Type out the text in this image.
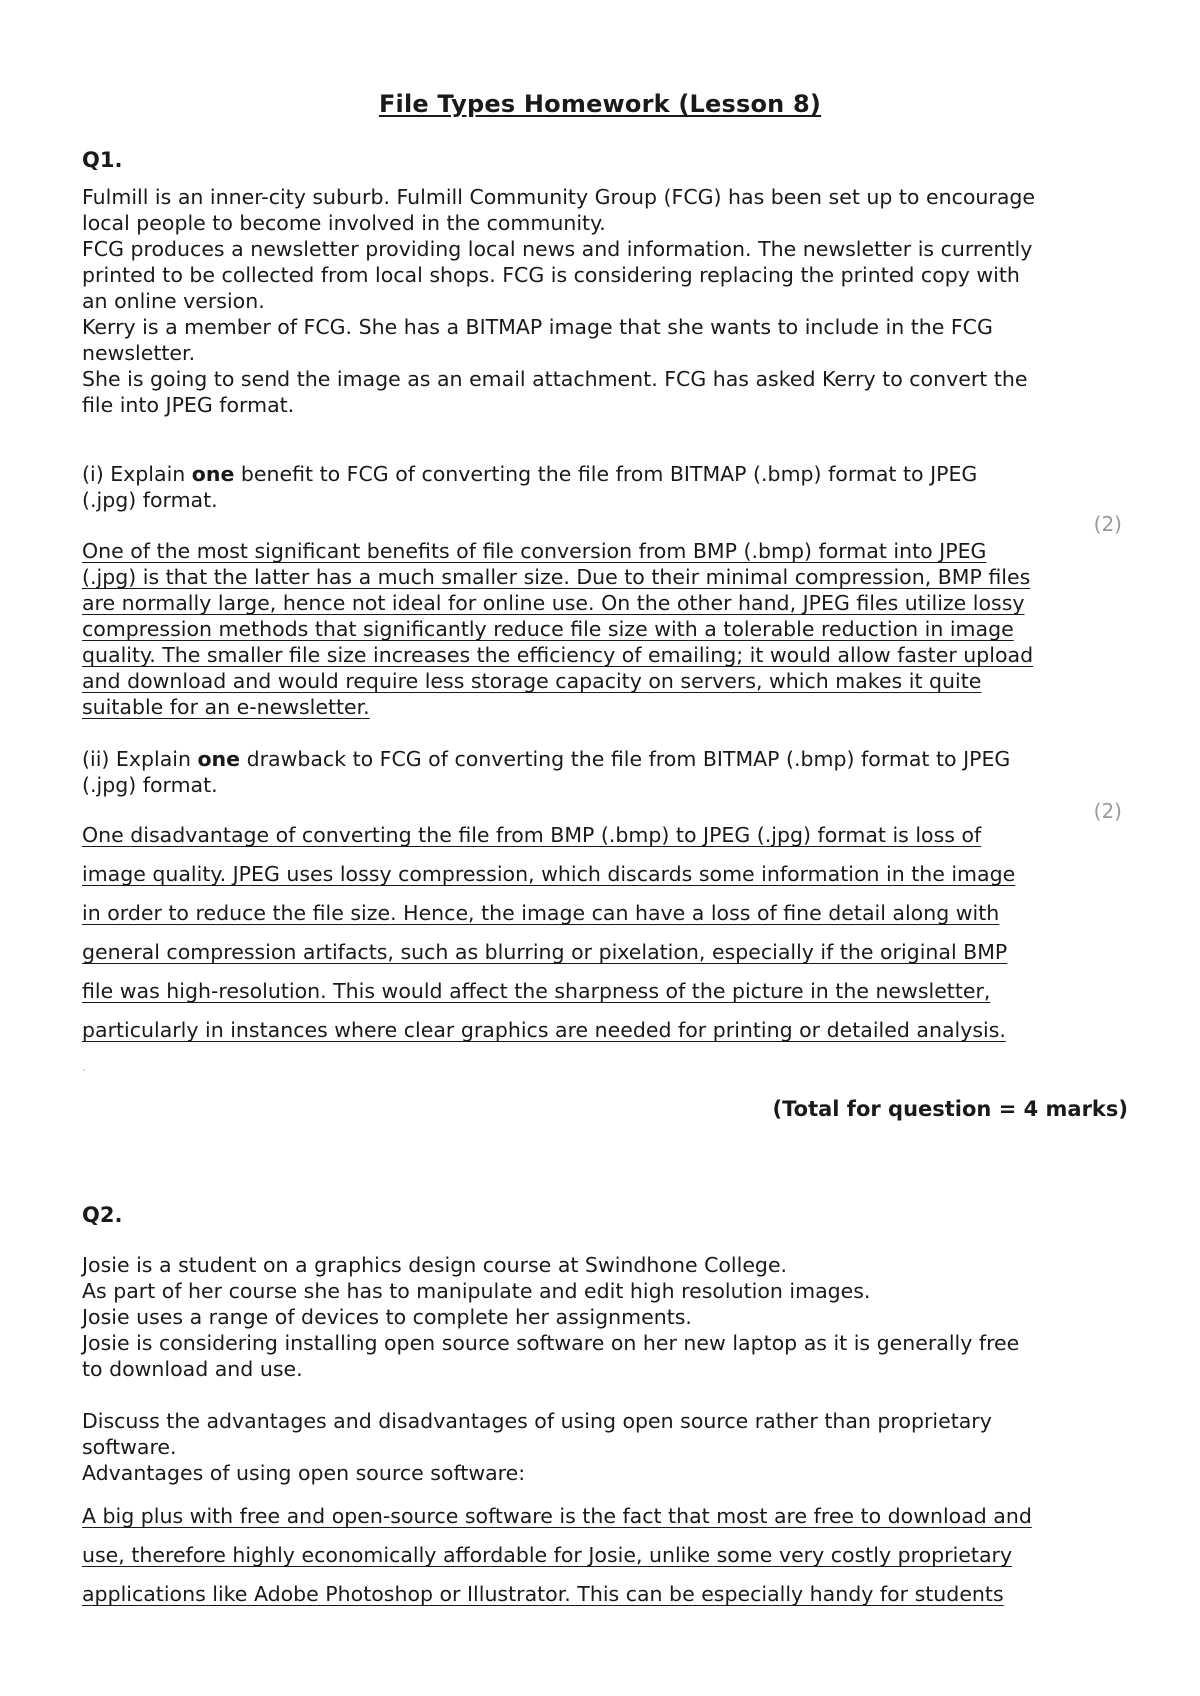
File Types Homework (Lesson 8)
Q1.

Fulmill is an inner-city suburb. Fulmill Community Group (FCG) has been set up to encourage

local people to become involved in the community.

FCG produces a newsletter providing local news and information. The newsletter is currently

printed to be collected from local shops. FCG is considering replacing the printed copy with

an online version.

Kerry is a member of FCG. She has a BITMAP image that she wants to include in the FCG

newsletter.

She is going to send the image as an email attachment. FCG has asked Kerry to convert the

file into JPEG format.

(i) Explain one benefit to FCG of converting the file from BITMAP (.bmp) format to JPEG

(.jpg) format.

(2)

One of the most significant benefits of file conversion from BMP (.bmp) format into JPEG

(.jpg) is that the latter has a much smaller size. Due to their minimal compression, BMP files

are normally large, hence not ideal for online use. On the other hand, JPEG files utilize lossy

compression methods that significantly reduce file size with a tolerable reduction in image

quality. The smaller file size increases the efficiency of emailing; it would allow faster upload

and download and would require less storage capacity on servers, which makes it quite

suitable for an e-newsletter.

(ii) Explain one drawback to FCG of converting the file from BITMAP (.bmp) format to JPEG

(.jpg) format.

(2)

One disadvantage of converting the file from BMP (.bmp) to JPEG (.jpg) format is loss of

image quality. JPEG uses lossy compression, which discards some information in the image

in order to reduce the file size. Hence, the image can have a loss of fine detail along with

general compression artifacts, such as blurring or pixelation, especially if the original BMP

file was high-resolution. This would affect the sharpness of the picture in the newsletter,

particularly in instances where clear graphics are needed for printing or detailed analysis.

.
(Total for question = 4 marks)
Q2.

Josie is a student on a graphics design course at Swindhone College.

As part of her course she has to manipulate and edit high resolution images.

Josie uses a range of devices to complete her assignments.

Josie is considering installing open source software on her new laptop as it is generally free

to download and use.

Discuss the advantages and disadvantages of using open source rather than proprietary

software.

Advantages of using open source software:

A big plus with free and open-source software is the fact that most are free to download and

use, therefore highly economically affordable for Josie, unlike some very costly proprietary

applications like Adobe Photoshop or Illustrator. This can be especially handy for students
